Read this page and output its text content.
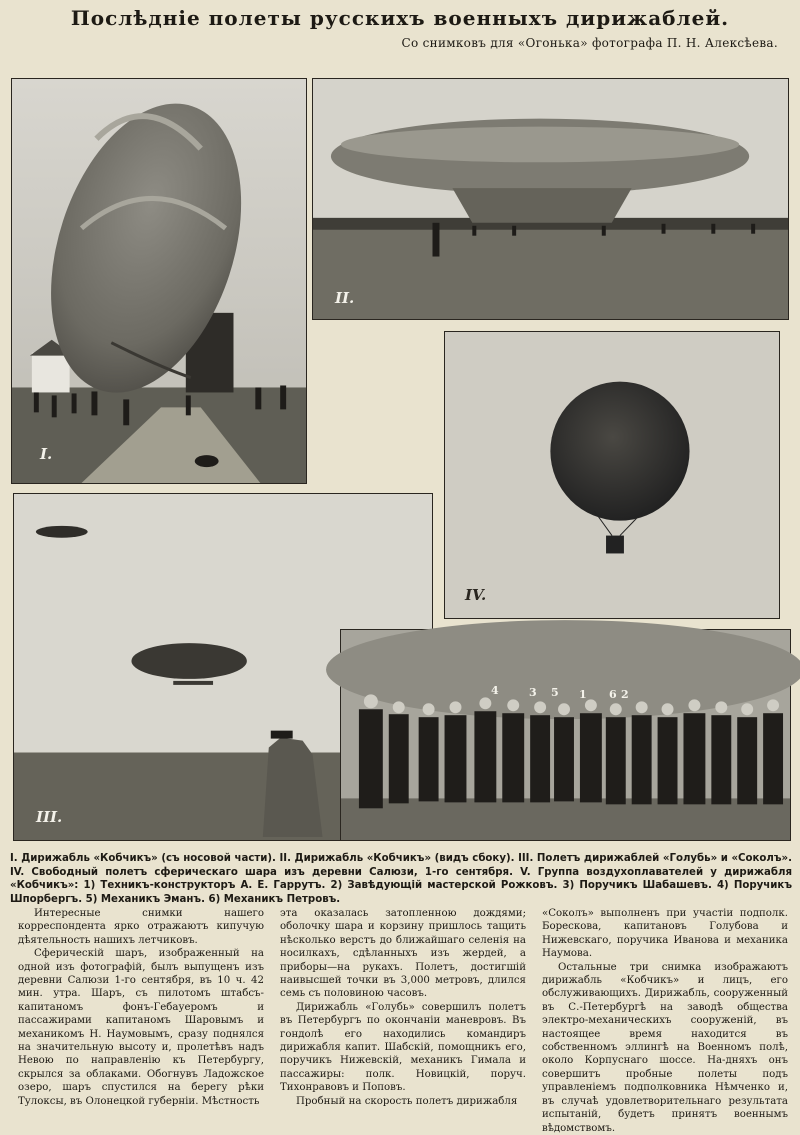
Послѣдніе полеты русскихъ военныхъ дирижаблей.
Со снимковъ для «Огонька» фотографа П. Н. Алексѣева.
I.
II.
IV.
III.
4	3 5 1 6 2
I. Дирижабль «Кобчикъ» (съ носовой части). II. Дирижабль «Кобчикъ» (видъ сбоку). III. Полетъ дирижаблей «Голубь» и «Соколъ». IV. Свободный полетъ сферическаго шара изъ деревни Салюзи, 1-го сентября. V. Группа воздухоплавателей у дирижабля «Кобчикъ»: 1) Техникъ-конструкторъ А. Е. Гаррутъ. 2) Завѣдующій мастерской Рожковъ. 3) Поручикъ Шабашевъ. 4) Поручикъ Шпорбергъ. 5) Механикъ Эманъ. 6) Механикъ Петровъ.

Интересные снимки нашего корреспондента ярко отражаютъ кипучую дѣятельность нашихъ летчиковъ.

Сферическій шаръ, изображенный на одной изъ фотографій, былъ выпущенъ изъ деревни Салюзи 1-го сентября, въ 10 ч. 42 мин. утра. Шаръ, съ пилотомъ штабсъ-капитаномъ фонъ-Гебауеромъ и пассажирами капитаномъ Шаровымъ и механикомъ Н. Наумовымъ, сразу поднялся на значительную высоту и, пролетѣвъ надъ Невою по направленію къ Петербургу, скрылся за облаками. Обогнувъ Ладожское озеро, шаръ спустился на берегу рѣки Тулоксы, въ Олонецкой губерніи. Мѣстность

эта оказалась затопленною дождями; оболочку шара и корзину пришлось тащить нѣсколько верстъ до ближайшаго селенія на носилкахъ, сдѣланныхъ изъ жердей, а приборы—на рукахъ. Полетъ, достигшій наивысшей точки въ 3,000 метровъ, длился семь съ половиною часовъ.

Дирижабль «Голубь» совершилъ полетъ въ Петербургъ по окончаніи маневровъ. Въ гондолѣ его находились командиръ дирижабля капит. Шабскій, помощникъ его, поручикъ Нижевскій, механикъ Гимала и пассажиры: полк. Новицкій, поруч. Тихонравовъ и Поповъ.

Пробный на скорость полетъ дирижабля

«Соколъ» выполненъ при участіи подполк. Борескова, капитановъ Голубова и Нижевскаго, поручика Иванова и механика Наумова.

Остальные три снимка изображаютъ дирижабль «Кобчикъ» и лицъ, его обслуживающихъ. Дирижабль, сооруженный въ С.-Петербургѣ на заводѣ общества электро-механическихъ сооруженій, въ настоящее время находится въ собственномъ эллингѣ на Военномъ полѣ, около Корпуснаго шоссе. На-дняхъ онъ совершитъ пробные полеты подъ управленіемъ подполковника Нѣмченко и, въ случаѣ удовлетворительнаго результата испытаній, будетъ принятъ военнымъ вѣдомствомъ.
